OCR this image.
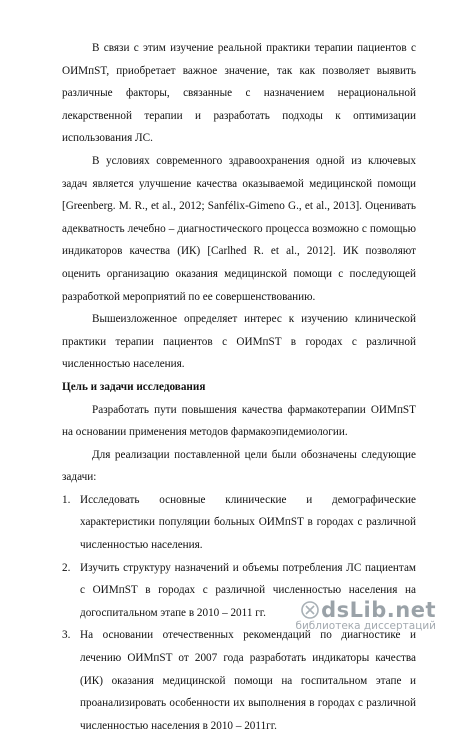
В связи с этим изучение реальной практики терапии пациентов с ОИМпST, приобретает важное значение, так как позволяет выявить различные факторы, связанные с назначением нерациональной лекарственной терапии и разработать подходы к оптимизации использования ЛС.

В условиях современного здравоохранения одной из ключевых задач является улучшение качества оказываемой медицинской помощи [Greenberg. M. R., et al., 2012; Sanfélix-Gimeno G., et al., 2013]. Оценивать адекватность лечебно – диагностического процесса возможно с помощью индикаторов качества (ИК) [Carlhed R. et al., 2012]. ИК позволяют оценить организацию оказания медицинской помощи с последующей разработкой мероприятий по ее совершенствованию.

Вышеизложенное определяет интерес к изучению клинической практики терапии пациентов с ОИМпST в городах с различной численностью населения.

Цель и задачи исследования

Разработать пути повышения качества фармакотерапии ОИМпST на основании применения методов фармакоэпидемиологии.

Для реализации поставленной цели были обозначены следующие задачи:

1. Исследовать основные клинические и демографические характеристики популяции больных ОИМпST в городах с различной численностью населения.
2. Изучить структуру назначений и объемы потребления ЛС пациентам с ОИМпST в городах с различной численностью населения на догоспитальном этапе в 2010 – 2011 гг.
3. На основании отечественных рекомендаций по диагностике и лечению ОИМпST от 2007 года разработать индикаторы качества (ИК) оказания медицинской помощи на госпитальном этапе и проанализировать особенности их выполнения в городах с различной численностью населения в 2010 – 2011гг.
dsLib.net
библиотека диссертаций
